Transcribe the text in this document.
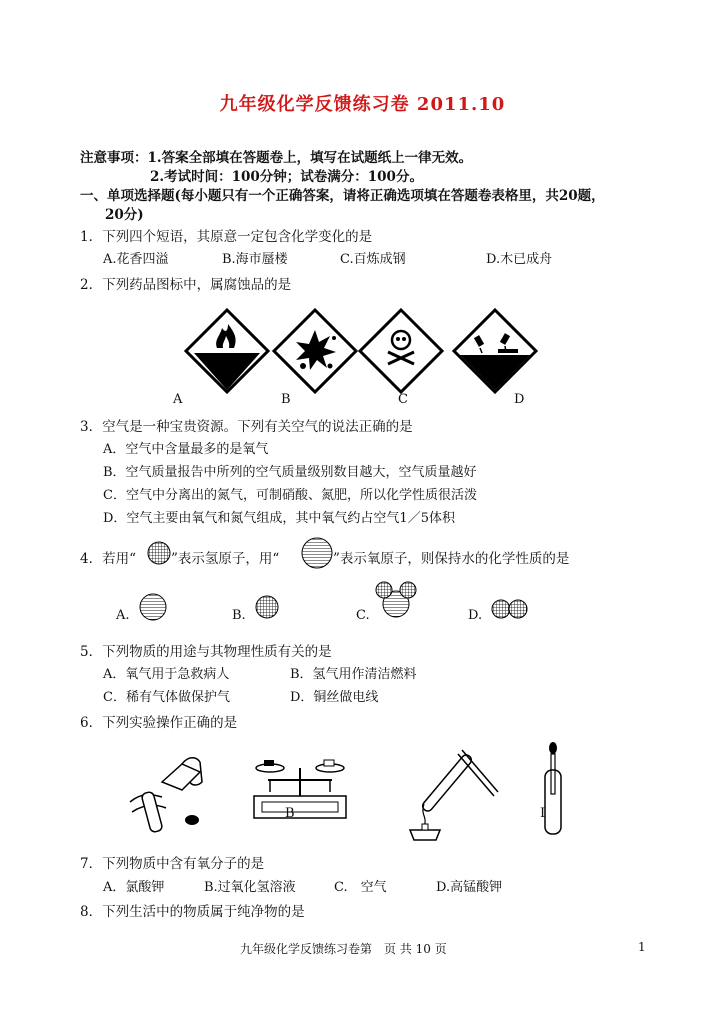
九年级化学反馈练习卷 2011.10
注意事项：1.答案全部填在答题卷上，填写在试题纸上一律无效。
2.考试时间：100分钟；试卷满分：100分。
一、单项选择题(每小题只有一个正确答案，请将正确选项填在答题卷表格里，共20题，
20分)
1．下列四个短语，其原意一定包含化学变化的是
A.花香四溢	B.海市蜃楼	C.百炼成钢	D.木已成舟
2．下列药品图标中，属腐蚀品的是
A	B	C	D
3．空气是一种宝贵资源。下列有关空气的说法正确的是
A．空气中含量最多的是氧气
B．空气质量报告中所列的空气质量级别数目越大，空气质量越好
C．空气中分离出的氮气，可制硝酸、氮肥，所以化学性质很活泼
D．空气主要由氧气和氮气组成，其中氧气约占空气1／5体积
4．若用“	”表示氢原子，用“	”表示氧原子，则保持水的化学性质的是
A.	B.	C.	D.
5．下列物质的用途与其物理性质有关的是
A．氧气用于急救病人	B．氢气用作清洁燃料
C．稀有气体做保护气	D．铜丝做电线
6．下列实验操作正确的是
B	I
7．下列物质中含有氧分子的是
A．氯酸钾	B.过氧化氢溶液	C.　空气	D.高锰酸钾
8．下列生活中的物质属于纯净物的是
九年级化学反馈练习卷第　页 共 10 页	1
